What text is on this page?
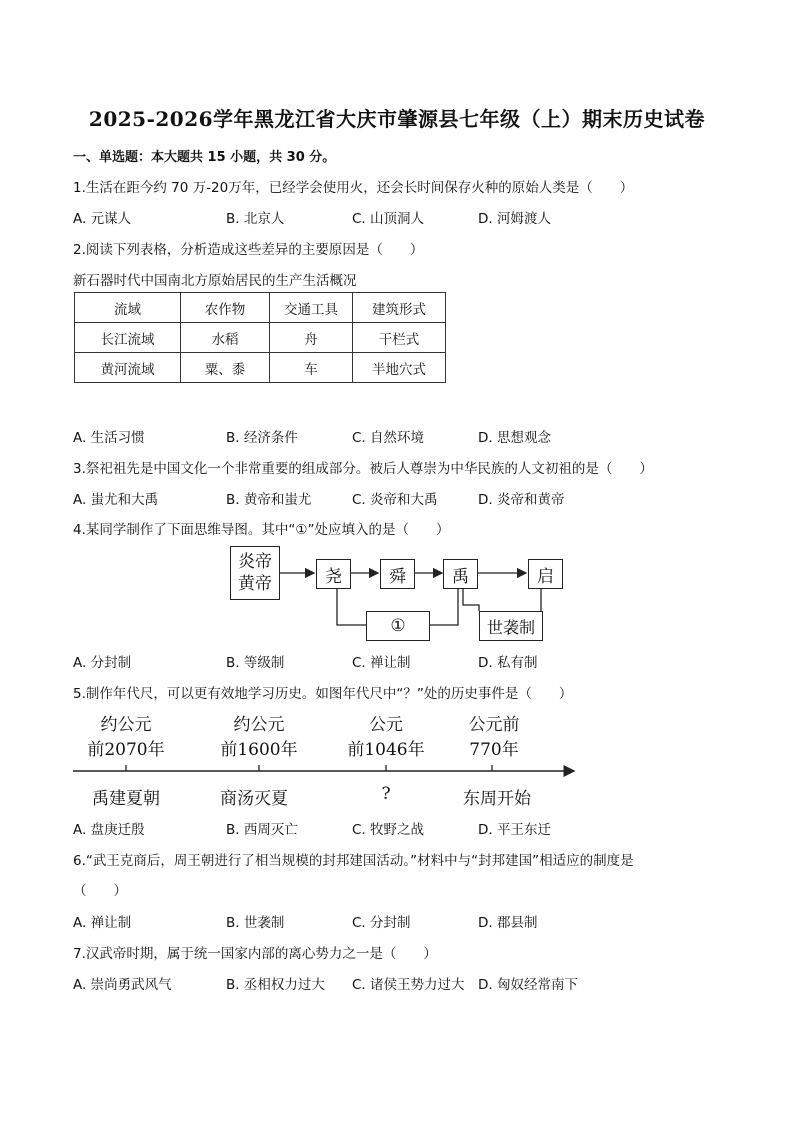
2025-2026学年黑龙江省大庆市肇源县七年级（上）期末历史试卷
一、单选题：本大题共 15 小题，共 30 分。
1.生活在距今约 70 万-20万年，已经学会使用火，还会长时间保存火种的原始人类是（　　）
A. 元谋人	B. 北京人	C. 山顶洞人	D. 河姆渡人
2.阅读下列表格，分析造成这些差异的主要原因是（　　）
新石器时代中国南北方原始居民的生产生活概况
流域	农作物	交通工具	建筑形式
长江流域	水稻	舟	干栏式
黄河流域	粟、黍	车	半地穴式
A. 生活习惯	B. 经济条件	C. 自然环境	D. 思想观念
3.祭祀祖先是中国文化一个非常重要的组成部分。被后人尊崇为中华民族的人文初祖的是（　　）
A. 蚩尤和大禹	B. 黄帝和蚩尤	C. 炎帝和大禹	D. 炎帝和黄帝
4.某同学制作了下面思维导图。其中“①”处应填入的是（　　）
炎帝
黄帝	尧	舜	禹	启
①	世袭制
A. 分封制	B. 等级制	C. 禅让制	D. 私有制
5.制作年代尺，可以更有效地学习历史。如图年代尺中“？”处的历史事件是（　　）
约公元
前2070年
约公元
前1600年
公元
前1046年
公元前
770年
禹建夏朝	商汤灭夏	?	东周开始
A. 盘庚迁殷	B. 西周灭亡	C. 牧野之战	D. 平王东迁
6.“武王克商后，周王朝进行了相当规模的封邦建国活动。”材料中与“封邦建国”相适应的制度是
（　　）
A. 禅让制	B. 世袭制	C. 分封制	D. 郡县制
7.汉武帝时期，属于统一国家内部的离心势力之一是（　　）
A. 崇尚勇武风气	B. 丞相权力过大 C. 诸侯王势力过大 D. 匈奴经常南下
